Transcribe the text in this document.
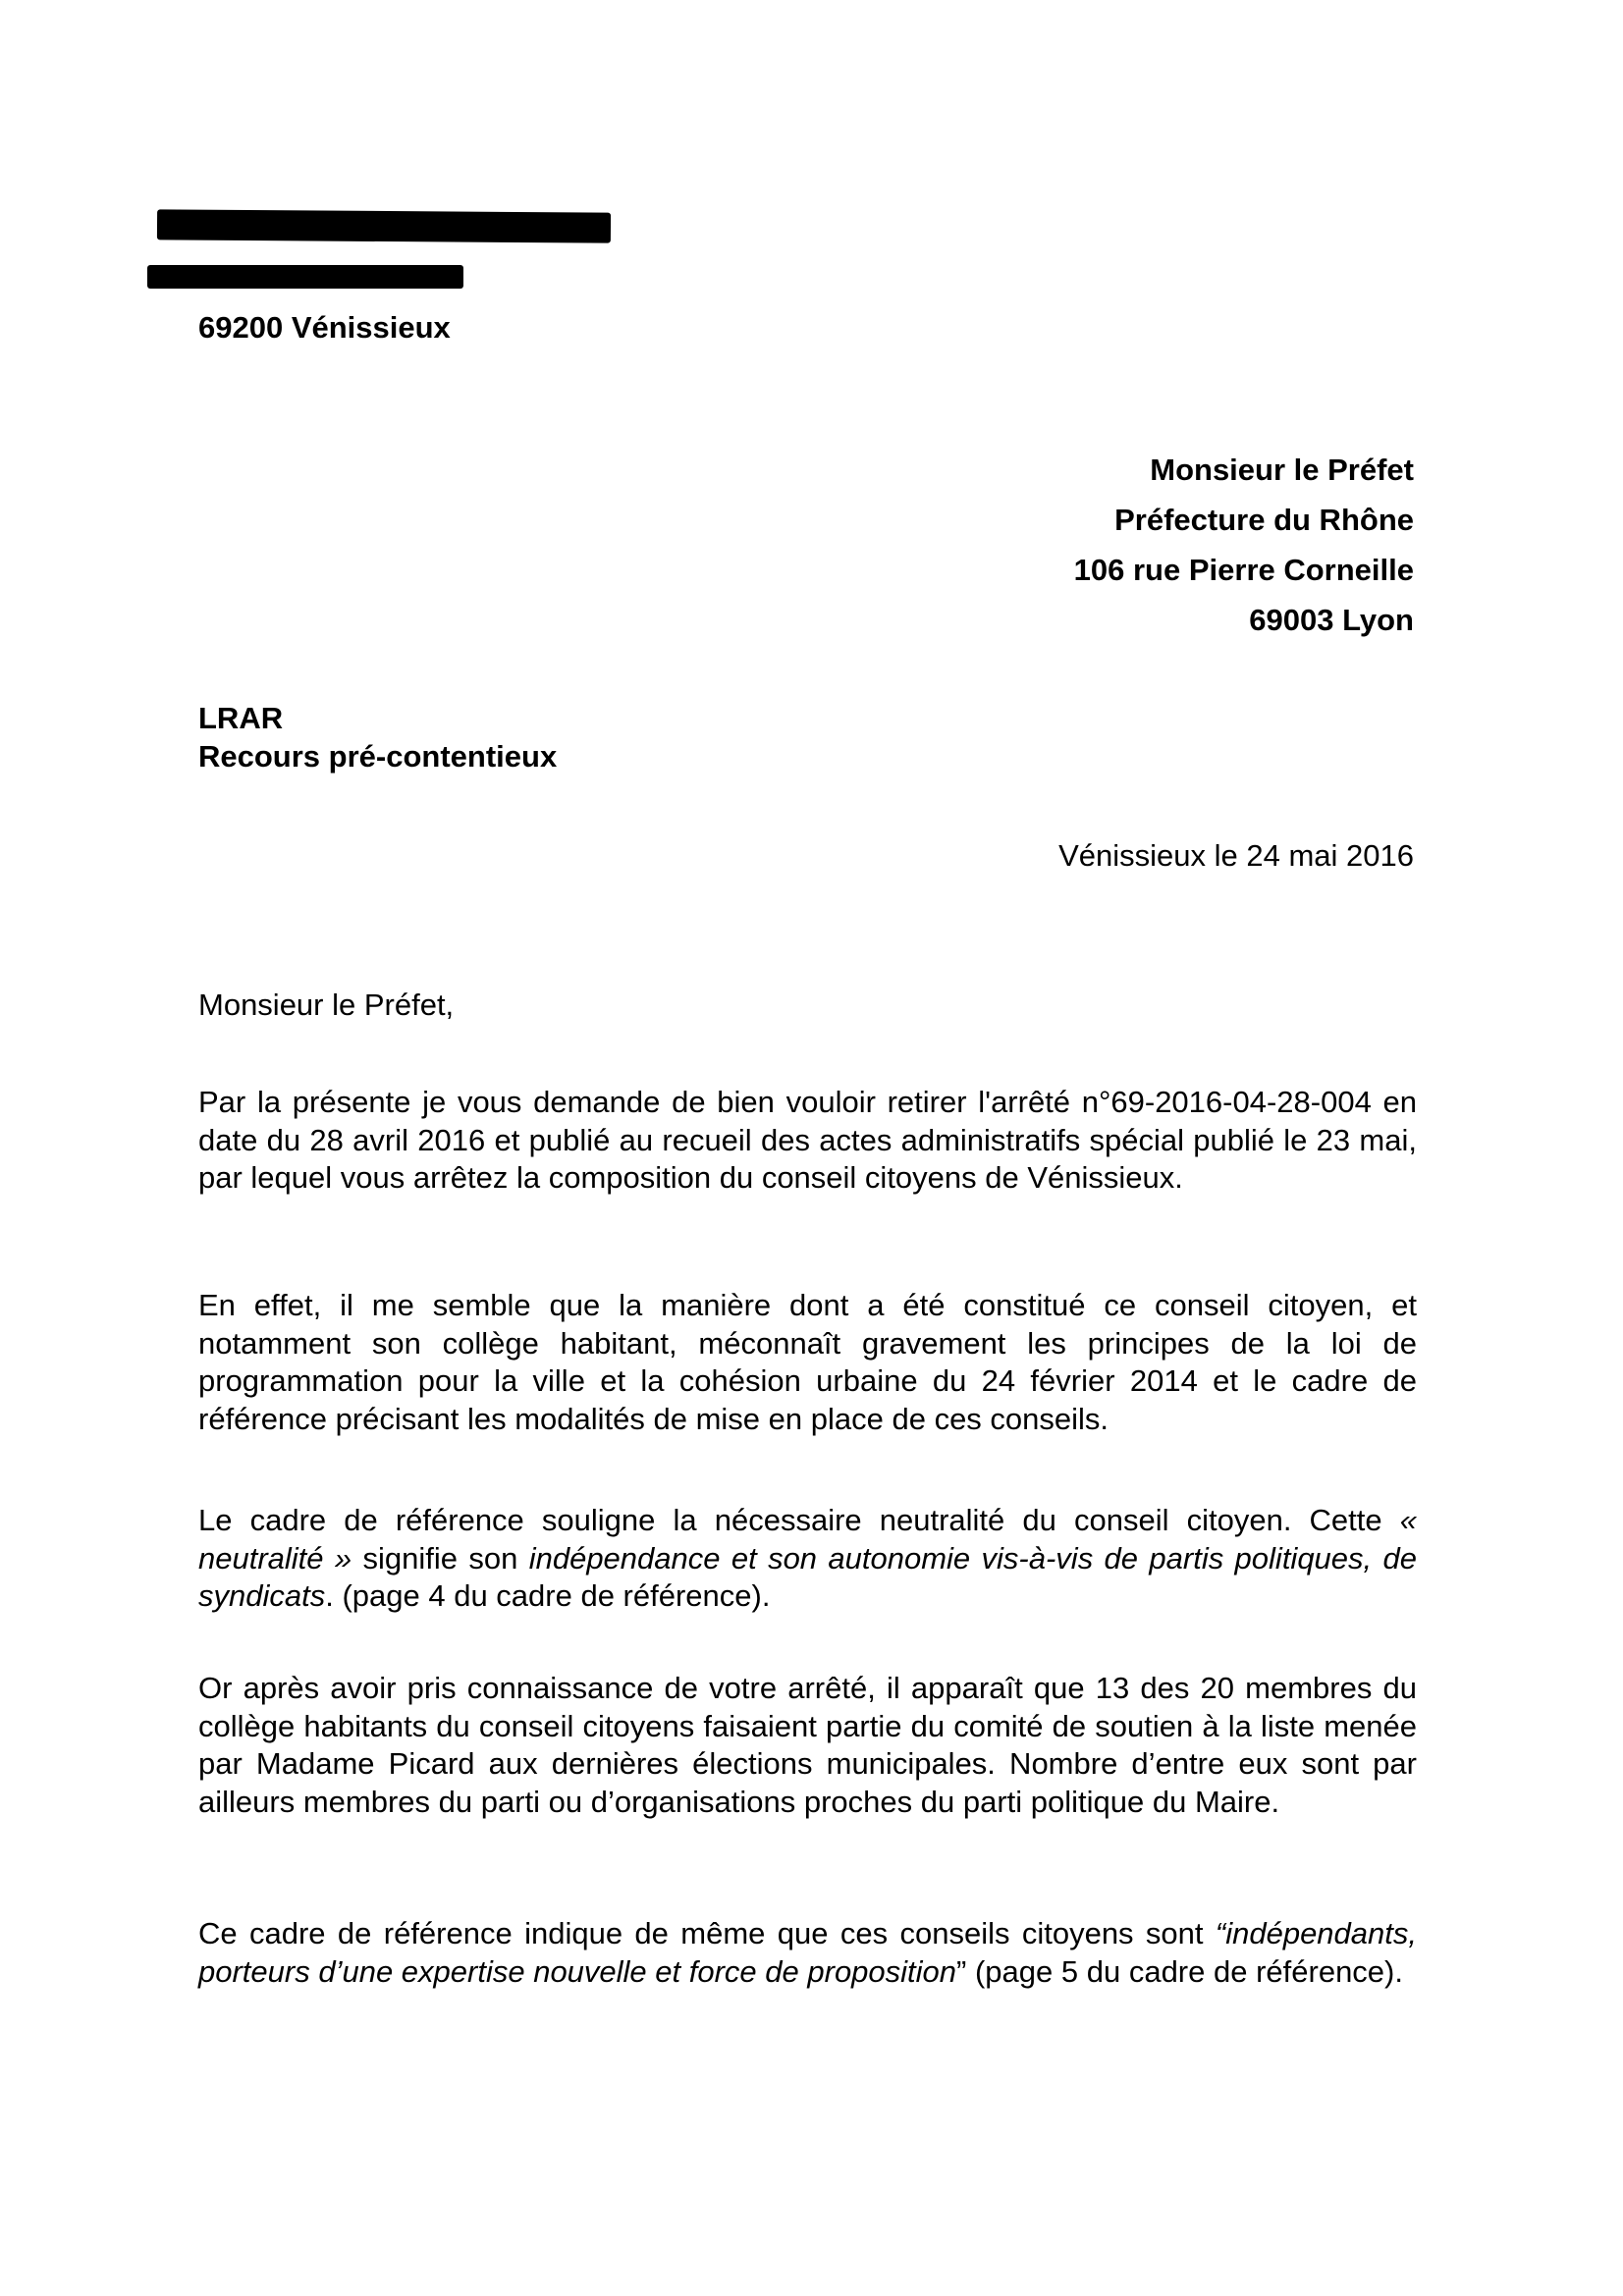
69200 Vénissieux
Monsieur le Préfet
Préfecture du Rhône
106 rue Pierre Corneille
69003 Lyon
LRAR
Recours pré-contentieux
Vénissieux le 24 mai 2016
Monsieur le Préfet,

Par la présente je vous demande de bien vouloir retirer l'arrêté n°69-2016-04-28-004 en date du 28 avril 2016 et publié au recueil des actes administratifs spécial publié le 23 mai, par lequel vous arrêtez la composition du conseil citoyens de Vénissieux.

En effet, il me semble que la manière dont a été constitué ce conseil citoyen, et notamment son collège habitant, méconnaît gravement les principes de la loi de programmation pour la ville et la cohésion urbaine du 24 février 2014 et le cadre de référence précisant les modalités de mise en place de ces conseils.

Le cadre de référence souligne la nécessaire neutralité du conseil citoyen. Cette « neutralité » signifie son indépendance et son autonomie vis-à-vis de partis politiques, de syndicats. (page 4 du cadre de référence).

Or après avoir pris connaissance de votre arrêté, il apparaît que 13 des 20 membres du collège habitants du conseil citoyens faisaient partie du comité de soutien à la liste menée par Madame Picard aux dernières élections municipales. Nombre d’entre eux sont par ailleurs membres du parti ou d’organisations proches du parti politique du Maire.

Ce cadre de référence indique de même que ces conseils citoyens sont “indépendants, porteurs d’une expertise nouvelle et force de proposition” (page 5 du cadre de référence).
